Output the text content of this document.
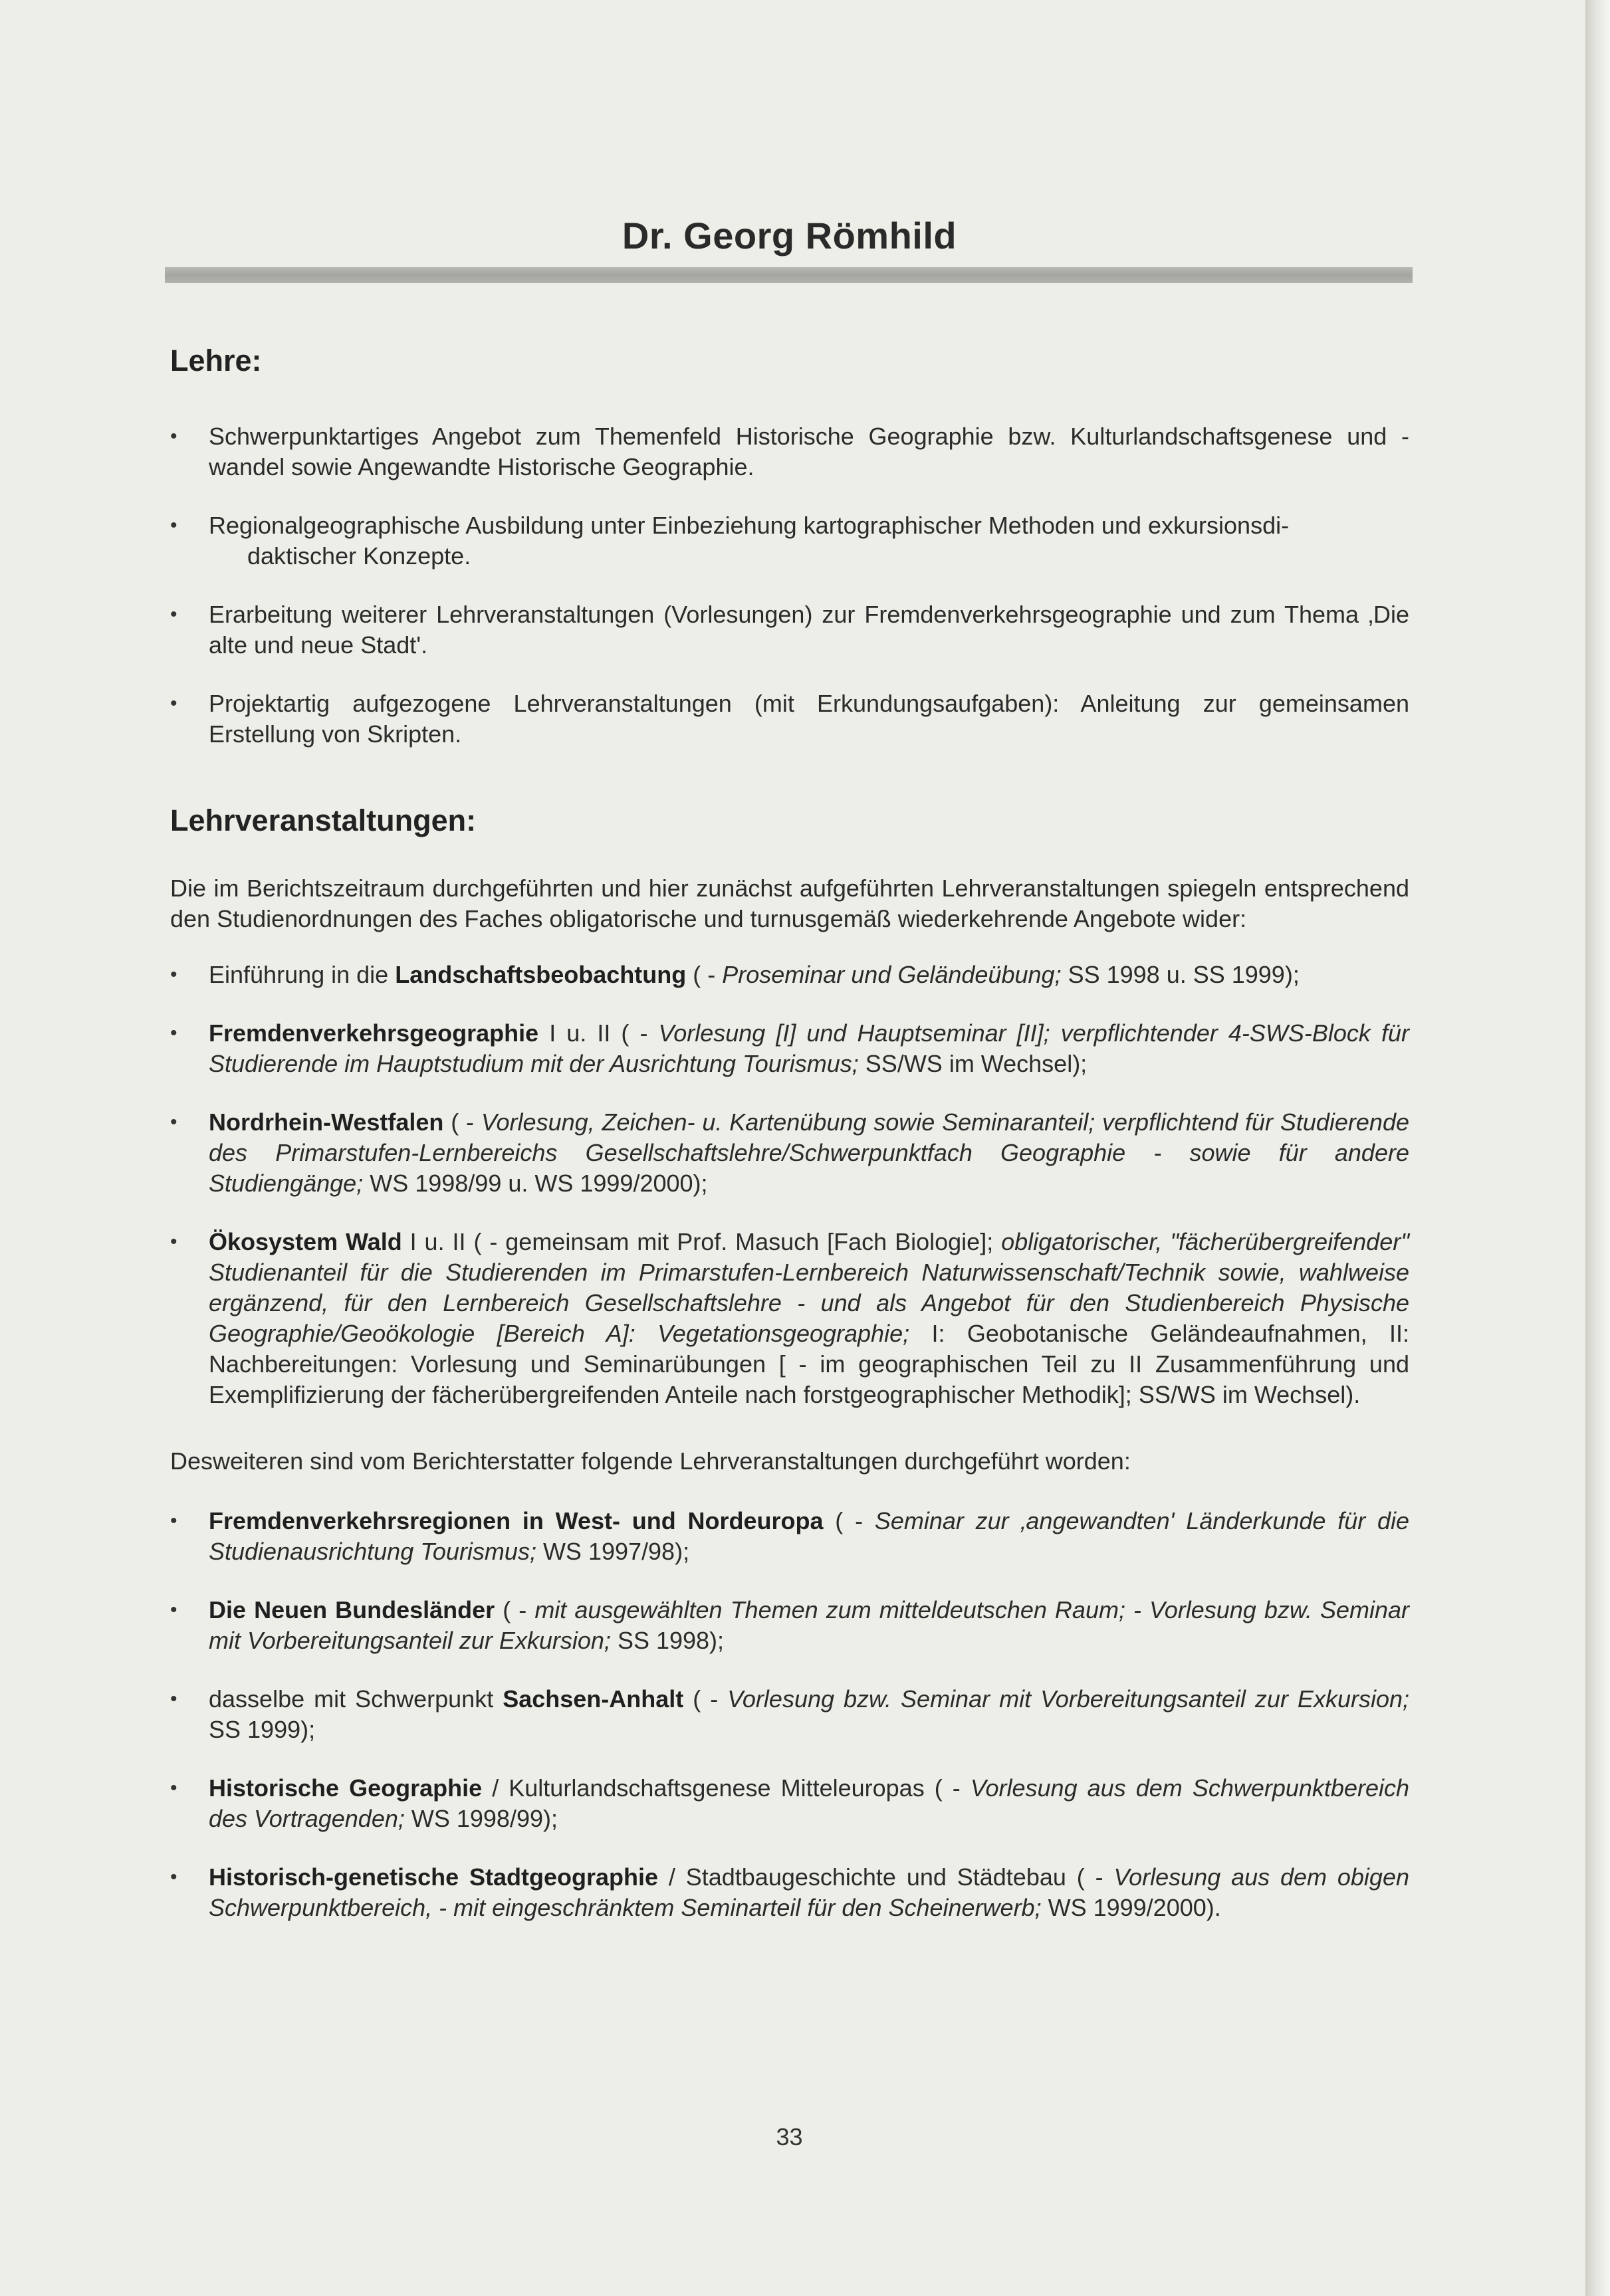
Dr. Georg Römhild
Lehre:
• Schwerpunktartiges Angebot zum Themenfeld Historische Geographie bzw. Kulturlandschaftsgenese und -wandel sowie Angewandte Historische Geographie.
• Regionalgeographische Ausbildung unter Einbeziehung kartographischer Methoden und exkursionsdi-
daktischer Konzepte.
• Erarbeitung weiterer Lehrveranstaltungen (Vorlesungen) zur Fremdenverkehrsgeographie und zum Thema ‚Die alte und neue Stadt'.
• Projektartig aufgezogene Lehrveranstaltungen (mit Erkundungsaufgaben): Anleitung zur gemeinsamen Erstellung von Skripten.
Lehrveranstaltungen:

Die im Berichtszeitraum durchgeführten und hier zunächst aufgeführten Lehrveranstaltungen spiegeln entsprechend den Studienordnungen des Faches obligatorische und turnusgemäß wiederkehrende Angebote wider:

• Einführung in die Landschaftsbeobachtung ( - Proseminar und Geländeübung; SS 1998 u. SS 1999);
• Fremdenverkehrsgeographie I u. II ( - Vorlesung [I] und Hauptseminar [II]; verpflichtender 4-SWS-Block für Studierende im Hauptstudium mit der Ausrichtung Tourismus; SS/WS im Wechsel);
• Nordrhein-Westfalen ( - Vorlesung, Zeichen- u. Kartenübung sowie Seminaranteil; verpflichtend für Studierende des Primarstufen-Lernbereichs Gesellschaftslehre/Schwerpunktfach Geographie - sowie für andere Studiengänge; WS 1998/99 u. WS 1999/2000);
• Ökosystem Wald I u. II ( - gemeinsam mit Prof. Masuch [Fach Biologie]; obligatorischer, "fächerübergreifender" Studienanteil für die Studierenden im Primarstufen-Lernbereich Naturwissenschaft/Technik sowie, wahlweise ergänzend, für den Lernbereich Gesellschaftslehre - und als Angebot für den Studienbereich Physische Geographie/Geoökologie [Bereich A]: Vegetationsgeographie; I: Geobotanische Geländeaufnahmen, II: Nachbereitungen: Vorlesung und Seminarübungen [ - im geographischen Teil zu II Zusammenführung und Exemplifizierung der fächerübergreifenden Anteile nach forstgeographischer Methodik]; SS/WS im Wechsel).

Desweiteren sind vom Berichterstatter folgende Lehrveranstaltungen durchgeführt worden:

• Fremdenverkehrsregionen in West- und Nordeuropa ( - Seminar zur ‚angewandten' Länderkunde für die Studienausrichtung Tourismus; WS 1997/98);
• Die Neuen Bundesländer ( - mit ausgewählten Themen zum mitteldeutschen Raum; - Vorlesung bzw. Seminar mit Vorbereitungsanteil zur Exkursion; SS 1998);
• dasselbe mit Schwerpunkt Sachsen-Anhalt ( - Vorlesung bzw. Seminar mit Vorbereitungsanteil zur Exkursion; SS 1999);
• Historische Geographie / Kulturlandschaftsgenese Mitteleuropas ( - Vorlesung aus dem Schwerpunktbereich des Vortragenden; WS 1998/99);
• Historisch-genetische Stadtgeographie / Stadtbaugeschichte und Städtebau ( - Vorlesung aus dem obigen Schwerpunktbereich, - mit eingeschränktem Seminarteil für den Scheinerwerb; WS 1999/2000).
33
